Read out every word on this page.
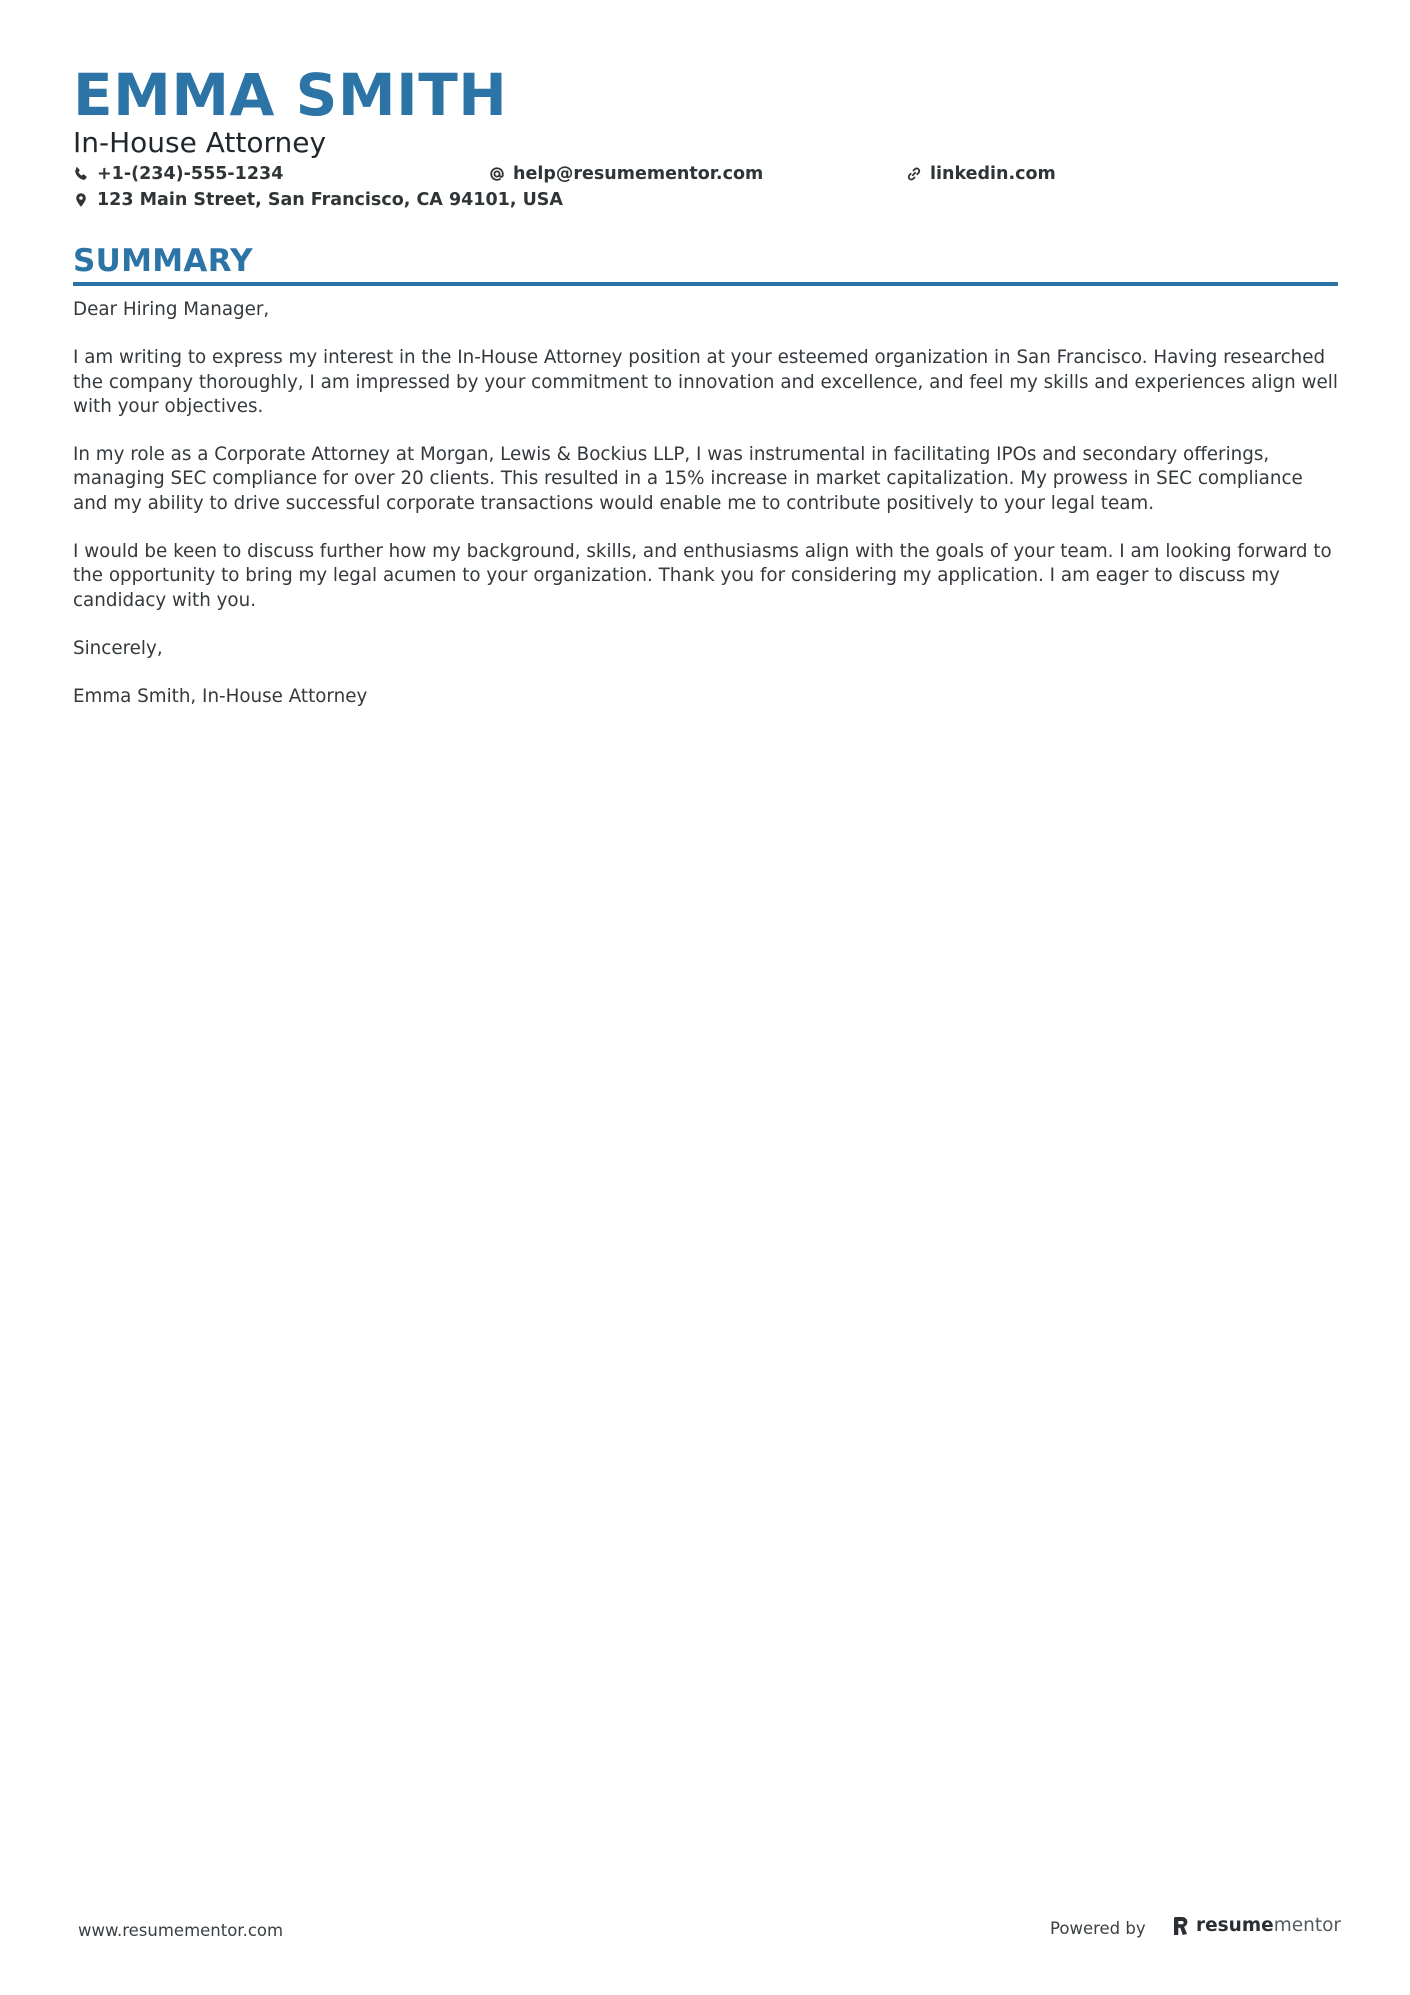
EMMA SMITH
In-House Attorney
+1-(234)-555-1234	help@resumementor.com	linkedin.com
123 Main Street, San Francisco, CA 94101, USA
SUMMARY

Dear Hiring Manager,

I am writing to express my interest in the In-House Attorney position at your esteemed organization in San Francisco. Having researched the company thoroughly, I am impressed by your commitment to innovation and excellence, and feel my skills and experiences align well with your objectives.

In my role as a Corporate Attorney at Morgan, Lewis & Bockius LLP, I was instrumental in facilitating IPOs and secondary offerings, managing SEC compliance for over 20 clients. This resulted in a 15% increase in market capitalization. My prowess in SEC compliance and my ability to drive successful corporate transactions would enable me to contribute positively to your legal team.

I would be keen to discuss further how my background, skills, and enthusiasms align with the goals of your team. I am looking forward to the opportunity to bring my legal acumen to your organization. Thank you for considering my application. I am eager to discuss my candidacy with you.

Sincerely,

Emma Smith, In-House Attorney

www.resumementor.com	Powered by	resumementor
